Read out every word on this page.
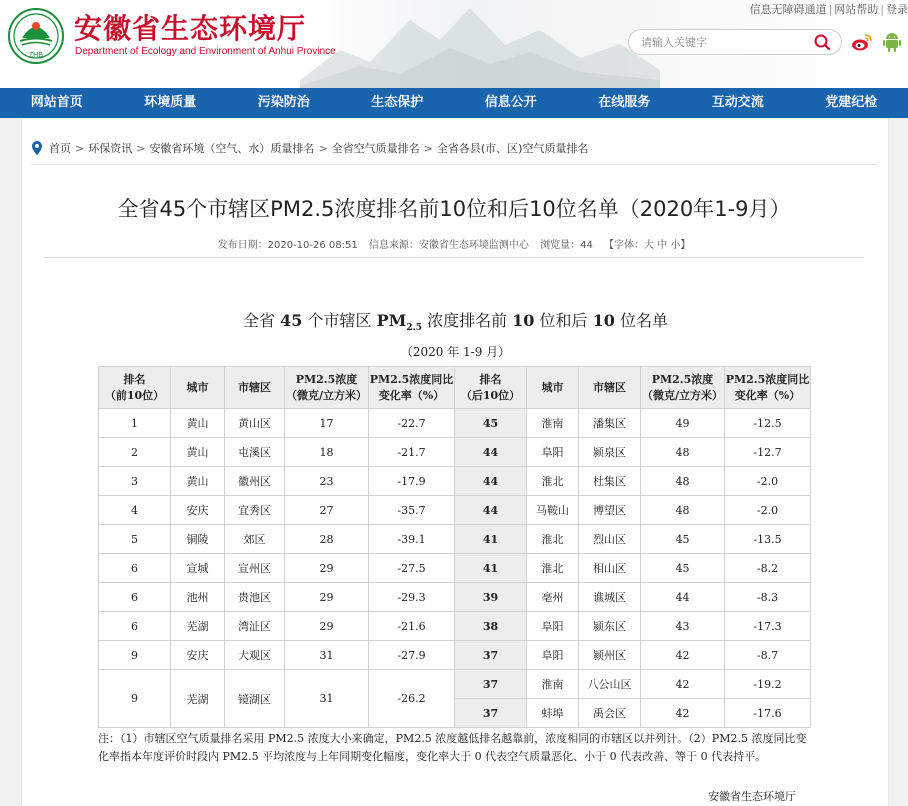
ZHB
安徽省生态环境厅
Department of Ecology and Environment of Anhui Province
信息无障碍通道 | 网站帮助 | 登录
请输入关键字
网站首页	环境质量	污染防治	生态保护	信息公开	在线服务	互动交流	党建纪检
首页 > 环保资讯 > 安徽省环境（空气、水）质量排名 > 全省空气质量排名 > 全省各县(市、区)空气质量排名
全省45个市辖区PM2.5浓度排名前10位和后10位名单（2020年1-9月）
发布日期：2020-10-26 08:51 信息来源：安徽省生态环境监测中心 浏览量：44 【字体：大 中 小】
全省 45 个市辖区 $PM_{2.5}$ 浓度排名前 10 位和后 10 位名单
（2020 年 1-9 月）
排名
（前10位）	城市	市辖区	PM2.5浓度
（微克/立方米）	PM2.5浓度同比
变化率（%）	排名
（后10位）	城市	市辖区	PM2.5浓度
（微克/立方米）	PM2.5浓度同比
变化率（%）
1	黄山	黄山区	17	-22.7	45	淮南	潘集区	49	-12.5
2	黄山	屯溪区	18	-21.7	44	阜阳	颍泉区	48	-12.7
3	黄山	徽州区	23	-17.9	44	淮北	杜集区	48	-2.0
4	安庆	宜秀区	27	-35.7	44	马鞍山	博望区	48	-2.0
5	铜陵	郊区	28	-39.1	41	淮北	烈山区	45	-13.5
6	宣城	宣州区	29	-27.5	41	淮北	相山区	45	-8.2
6	池州	贵池区	29	-29.3	39	亳州	谯城区	44	-8.3
6	芜湖	湾沚区	29	-21.6	38	阜阳	颍东区	43	-17.3
9	安庆	大观区	31	-27.9	37	阜阳	颍州区	42	-8.7
9	芜湖	镜湖区	31	-26.2	37	淮南	八公山区	42	-19.2
					37	蚌埠	禹会区	42	-17.6
注：（1）市辖区空气质量排名采用 PM2.5 浓度大小来确定，PM2.5 浓度越低排名越靠前，浓度相同的市辖区以并列计。（2）PM2.5 浓度同比变化率指本年度评价时段内 PM2.5 平均浓度与上年同期变化幅度，变化率大于 0 代表空气质量恶化、小于 0 代表改善、等于 0 代表持平。
安徽省生态环境厅
